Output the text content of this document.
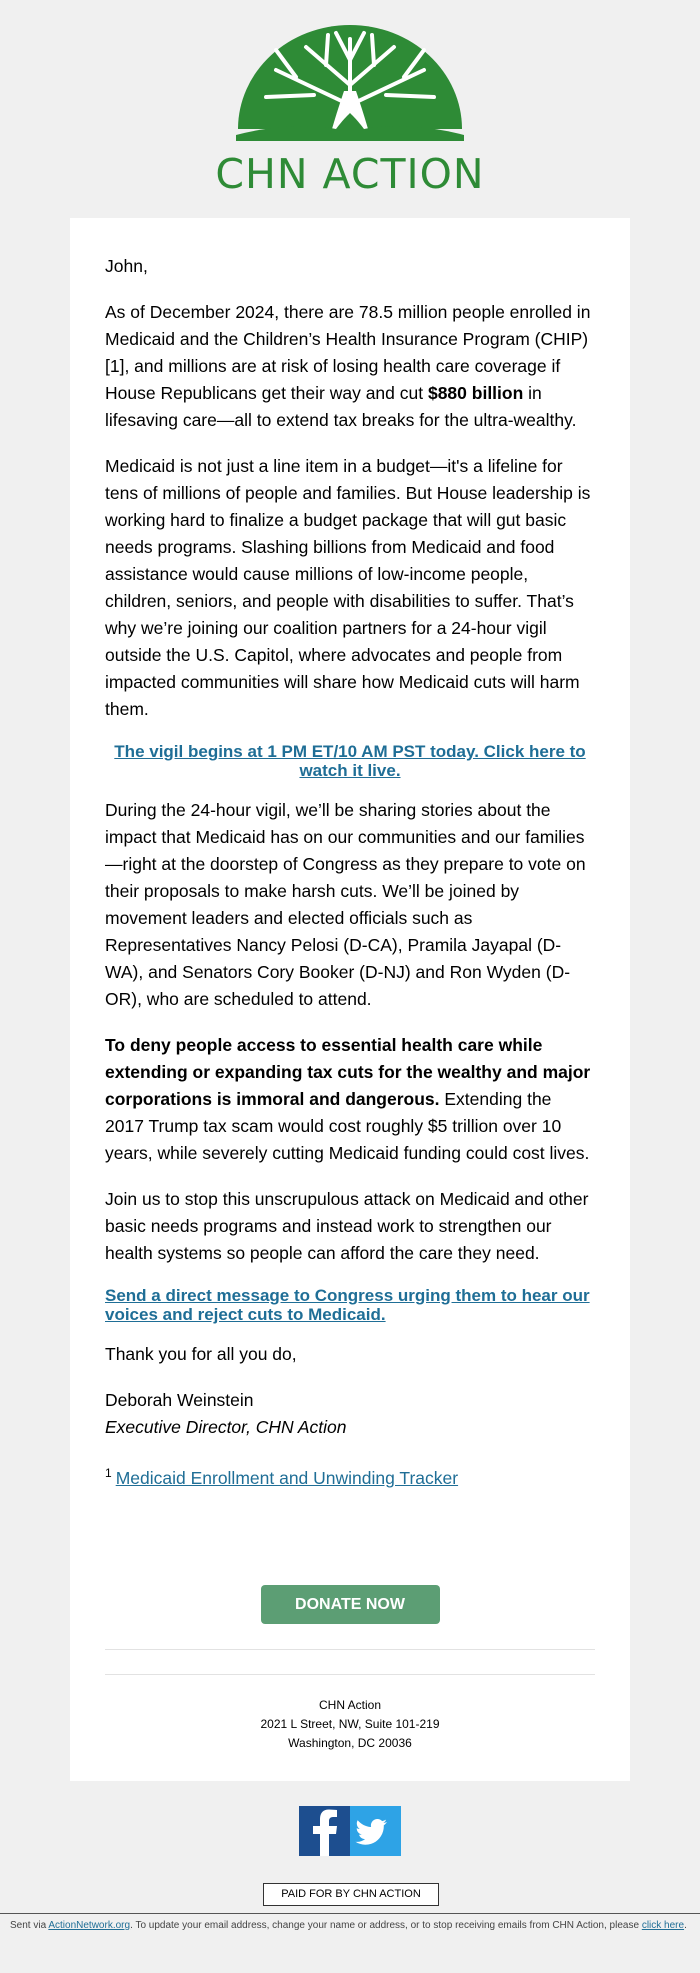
CHN ACTION

John,

As of December 2024, there are 78.5 million people enrolled in Medicaid and the Children’s Health Insurance Program (CHIP)[1], and millions are at risk of losing health care coverage if House Republicans get their way and cut $880 billion in lifesaving care—all to extend tax breaks for the ultra-wealthy.

Medicaid is not just a line item in a budget—it's a lifeline for tens of millions of people and families. But House leadership is working hard to finalize a budget package that will gut basic needs programs. Slashing billions from Medicaid and food assistance would cause millions of low-income people, children, seniors, and people with disabilities to suffer. That’s why we’re joining our coalition partners for a 24-hour vigil outside the U.S. Capitol, where advocates and people from impacted communities will share how Medicaid cuts will harm them.

The vigil begins at 1 PM ET/10 AM PST today. Click here to watch it live.

During the 24-hour vigil, we’ll be sharing stories about the impact that Medicaid has on our communities and our families—right at the doorstep of Congress as they prepare to vote on their proposals to make harsh cuts. We’ll be joined by movement leaders and elected officials such as Representatives Nancy Pelosi (D-CA), Pramila Jayapal (D-WA), and Senators Cory Booker (D-NJ) and Ron Wyden (D-OR), who are scheduled to attend.

To deny people access to essential health care while extending or expanding tax cuts for the wealthy and major corporations is immoral and dangerous. Extending the 2017 Trump tax scam would cost roughly $5 trillion over 10 years, while severely cutting Medicaid funding could cost lives.

Join us to stop this unscrupulous attack on Medicaid and other basic needs programs and instead work to strengthen our health systems so people can afford the care they need.

Send a direct message to Congress urging them to hear our voices and reject cuts to Medicaid.

Thank you for all you do,

Deborah Weinstein
Executive Director, CHN Action

$^1$ Medicaid Enrollment and Unwinding Tracker

DONATE NOW
CHN Action
2021 L Street, NW, Suite 101-219
Washington, DC 20036
PAID FOR BY CHN ACTION
Sent via ActionNetwork.org. To update your email address, change your name or address, or to stop receiving emails from CHN Action, please click here.
